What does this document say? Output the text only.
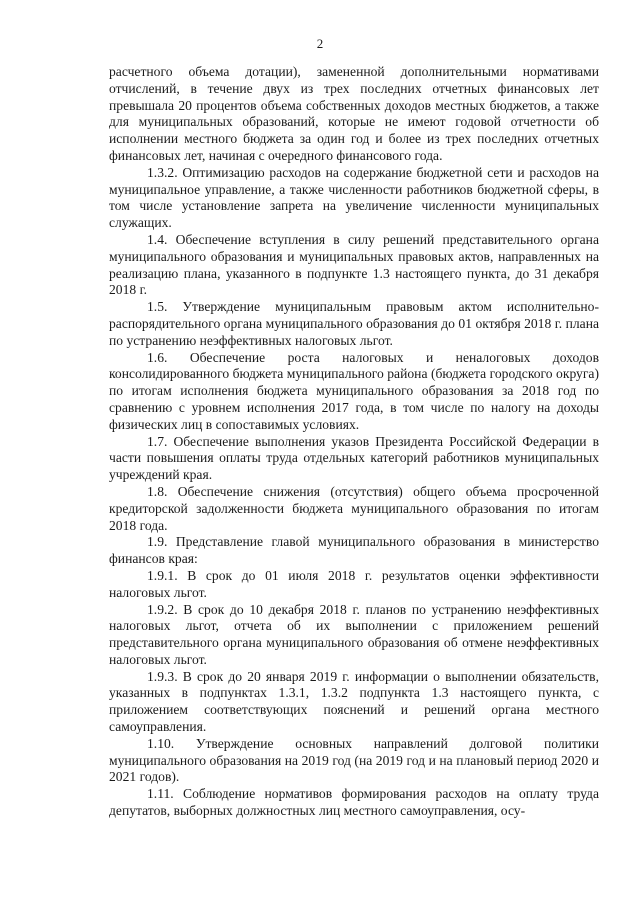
2

расчетного объема дотации), замененной дополнительными нормативами отчислений, в течение двух из трех последних отчетных финансовых лет превышала 20 процентов объема собственных доходов местных бюджетов, а также для муниципальных образований, которые не имеют годовой отчетности об исполнении местного бюджета за один год и более из трех последних отчетных финансовых лет, начиная с очередного финансового года.

1.3.2. Оптимизацию расходов на содержание бюджетной сети и расходов на муниципальное управление, а также численности работников бюджетной сферы, в том числе установление запрета на увеличение численности муниципальных служащих.

1.4. Обеспечение вступления в силу решений представительного органа муниципального образования и муниципальных правовых актов, направленных на реализацию плана, указанного в подпункте 1.3 настоящего пункта, до 31 декабря 2018 г.

1.5. Утверждение муниципальным правовым актом исполнительно-распорядительного органа муниципального образования до 01 октября 2018 г. плана по устранению неэффективных налоговых льгот.

1.6. Обеспечение роста налоговых и неналоговых доходов консолидированного бюджета муниципального района (бюджета городского округа) по итогам исполнения бюджета муниципального образования за 2018 год по сравнению с уровнем исполнения 2017 года, в том числе по налогу на доходы физических лиц в сопоставимых условиях.

1.7. Обеспечение выполнения указов Президента Российской Федерации в части повышения оплаты труда отдельных категорий работников муниципальных учреждений края.

1.8. Обеспечение снижения (отсутствия) общего объема просроченной кредиторской задолженности бюджета муниципального образования по итогам 2018 года.

1.9. Представление главой муниципального образования в министерство финансов края:

1.9.1. В срок до 01 июля 2018 г. результатов оценки эффективности налоговых льгот.

1.9.2. В срок до 10 декабря 2018 г. планов по устранению неэффективных налоговых льгот, отчета об их выполнении с приложением решений представительного органа муниципального образования об отмене неэффективных налоговых льгот.

1.9.3. В срок до 20 января 2019 г. информации о выполнении обязательств, указанных в подпунктах 1.3.1, 1.3.2 подпункта 1.3 настоящего пункта, с приложением соответствующих пояснений и решений органа местного самоуправления.

1.10. Утверждение основных направлений долговой политики муниципального образования на 2019 год (на 2019 год и на плановый период 2020 и 2021 годов).

1.11. Соблюдение нормативов формирования расходов на оплату труда депутатов, выборных должностных лиц местного самоуправления, осу-
